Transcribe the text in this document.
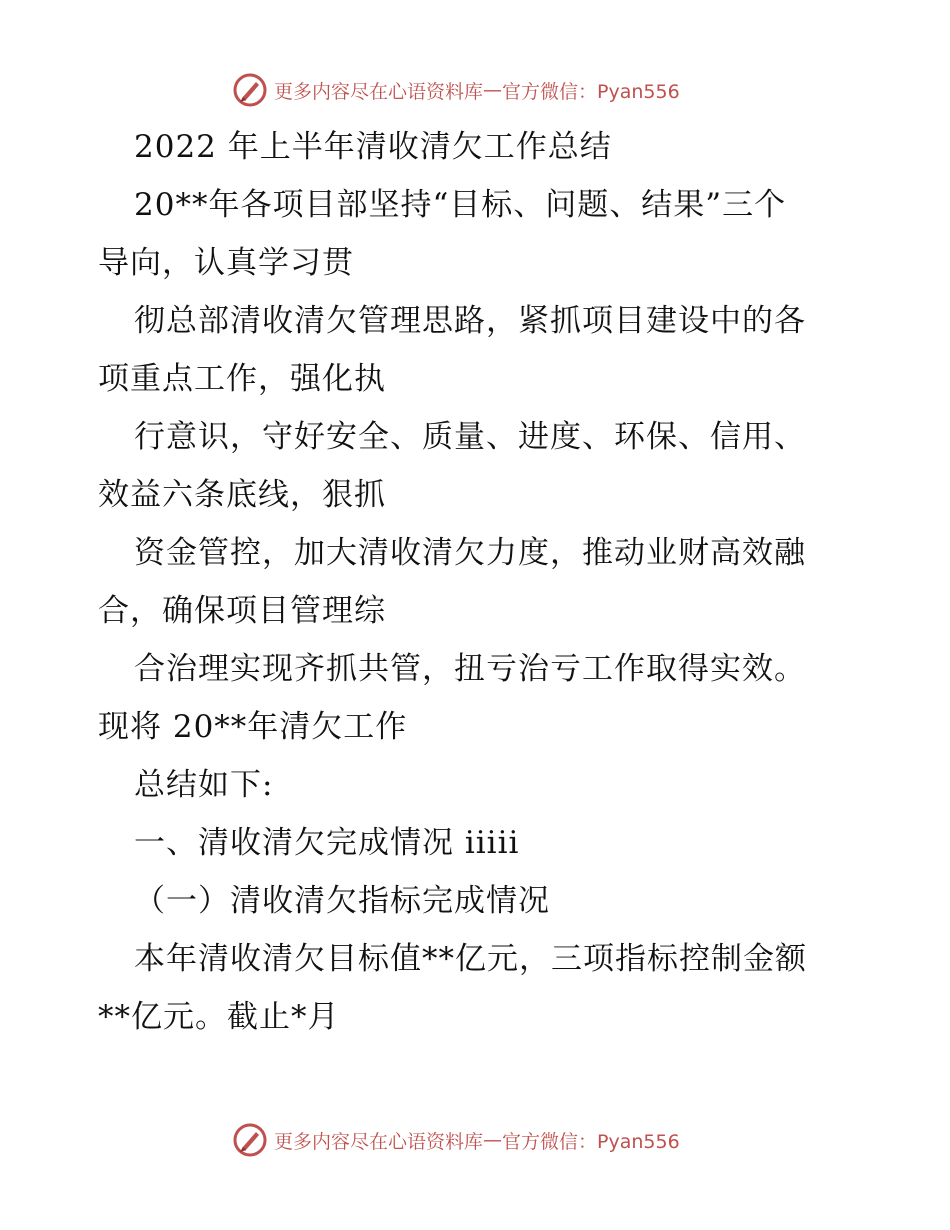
更多内容尽在心语资料库 — 官方微信：Pyan556
2022 年上半年清收清欠工作总结
20**年各项目部坚持“目标、问题、结果”三个
导向，认真学习贯
彻总部清收清欠管理思路，紧抓项目建设中的各
项重点工作，强化执
行意识，守好安全、质量、进度、环保、信用、
效益六条底线，狠抓
资金管控，加大清收清欠力度，推动业财高效融
合，确保项目管理综
合治理实现齐抓共管，扭亏治亏工作取得实效。
现将 20**年清欠工作
总结如下:
一、清收清欠完成情况 iiiii
（一）清收清欠指标完成情况
本年清收清欠目标值**亿元，三项指标控制金额
**亿元。截止*月
更多内容尽在心语资料库 — 官方微信：Pyan556
